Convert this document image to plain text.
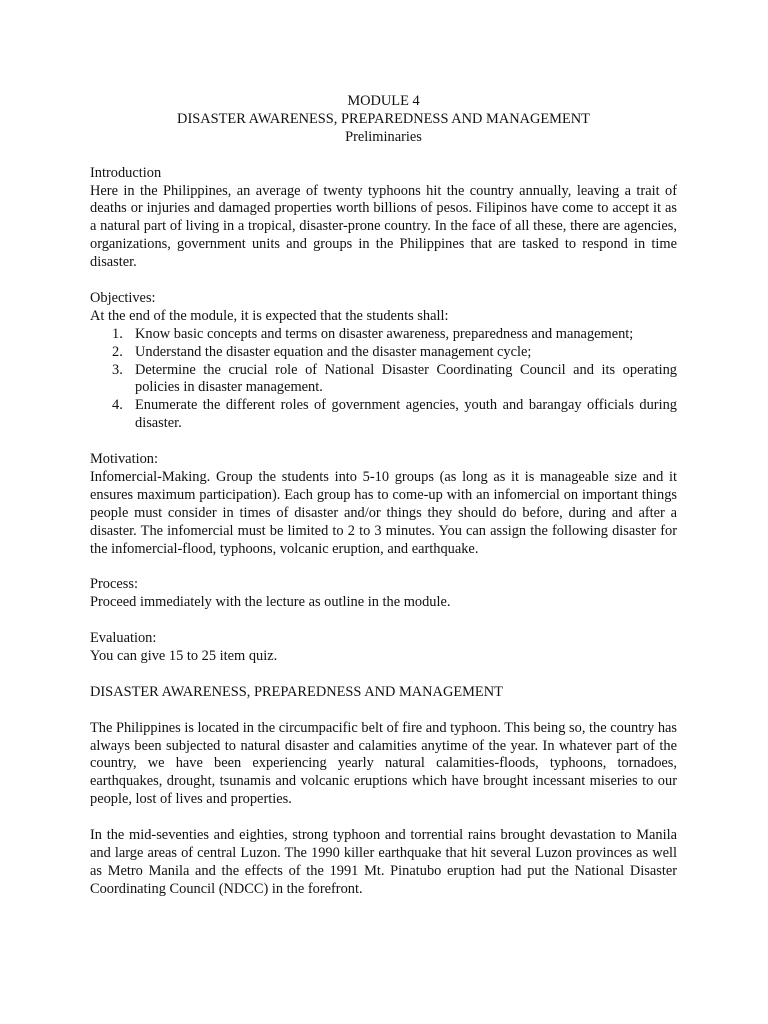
MODULE 4
DISASTER AWARENESS, PREPAREDNESS AND MANAGEMENT
Preliminaries
Introduction

Here in the Philippines, an average of twenty typhoons hit the country annually, leaving a trait of deaths or injuries and damaged properties worth billions of pesos. Filipinos have come to accept it as a natural part of living in a tropical, disaster-prone country. In the face of all these, there are agencies, organizations, government units and groups in the Philippines that are tasked to respond in time disaster.

Objectives:
At the end of the module, it is expected that the students shall:
1. Know basic concepts and terms on disaster awareness, preparedness and management;
2. Understand the disaster equation and the disaster management cycle;
3. Determine the crucial role of National Disaster Coordinating Council and its operating policies in disaster management.
4. Enumerate the different roles of government agencies, youth and barangay officials during disaster.
Motivation:

Infomercial-Making. Group the students into 5-10 groups (as long as it is manageable size and it ensures maximum participation). Each group has to come-up with an infomercial on important things people must consider in times of disaster and/or things they should do before, during and after a disaster. The infomercial must be limited to 2 to 3 minutes. You can assign the following disaster for the infomercial-flood, typhoons, volcanic eruption, and earthquake.

Process:
Proceed immediately with the lecture as outline in the module.
Evaluation:
You can give 15 to 25 item quiz.
DISASTER AWARENESS, PREPAREDNESS AND MANAGEMENT

The Philippines is located in the circumpacific belt of fire and typhoon. This being so, the country has always been subjected to natural disaster and calamities anytime of the year. In whatever part of the country, we have been experiencing yearly natural calamities-floods, typhoons, tornadoes, earthquakes, drought, tsunamis and volcanic eruptions which have brought incessant miseries to our people, lost of lives and properties.

In the mid-seventies and eighties, strong typhoon and torrential rains brought devastation to Manila and large areas of central Luzon. The 1990 killer earthquake that hit several Luzon provinces as well as Metro Manila and the effects of the 1991 Mt. Pinatubo eruption had put the National Disaster Coordinating Council (NDCC) in the forefront.
